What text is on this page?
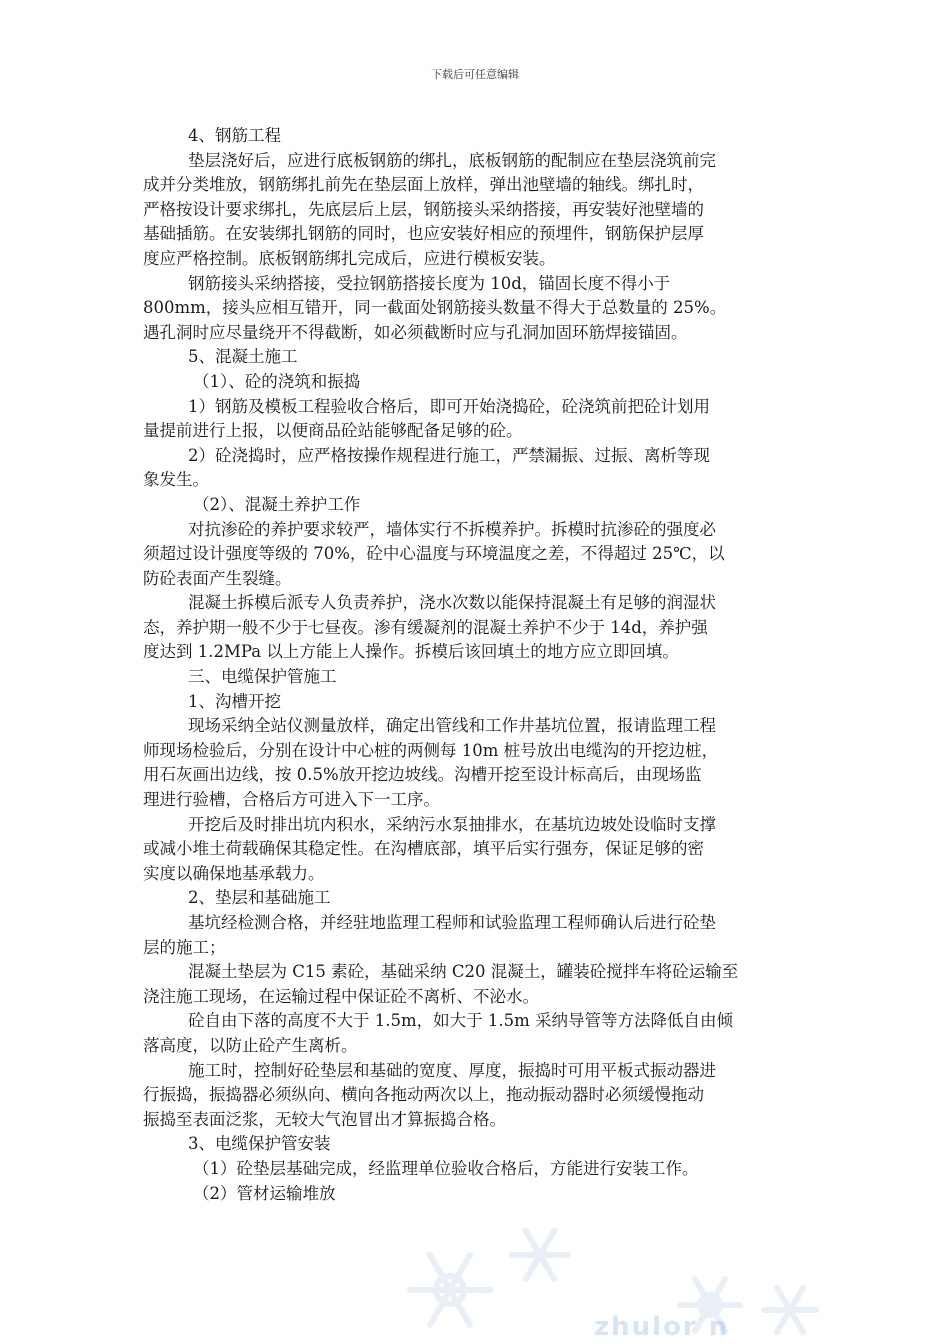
下载后可任意编辑
4、钢筋工程
垫层浇好后，应进行底板钢筋的绑扎，底板钢筋的配制应在垫层浇筑前完
成并分类堆放，钢筋绑扎前先在垫层面上放样，弹出池壁墙的轴线。绑扎时，
严格按设计要求绑扎，先底层后上层，钢筋接头采纳搭接，再安装好池壁墙的
基础插筋。在安装绑扎钢筋的同时，也应安装好相应的预埋件，钢筋保护层厚
度应严格控制。底板钢筋绑扎完成后，应进行模板安装。
钢筋接头采纳搭接，受拉钢筋搭接长度为 10d，锚固长度不得小于
800mm，接头应相互错开，同一截面处钢筋接头数量不得大于总数量的 25%。
遇孔洞时应尽量绕开不得截断，如必须截断时应与孔洞加固环筋焊接锚固。
5、混凝土施工
（1）、砼的浇筑和振捣
1）钢筋及模板工程验收合格后，即可开始浇捣砼，砼浇筑前把砼计划用
量提前进行上报，以便商品砼站能够配备足够的砼。
2）砼浇捣时，应严格按操作规程进行施工，严禁漏振、过振、离析等现
象发生。
（2）、混凝土养护工作
对抗渗砼的养护要求较严，墙体实行不拆模养护。拆模时抗渗砼的强度必
须超过设计强度等级的 70%，砼中心温度与环境温度之差，不得超过 25℃，以
防砼表面产生裂缝。
混凝土拆模后派专人负责养护，浇水次数以能保持混凝土有足够的润湿状
态，养护期一般不少于七昼夜。渗有缓凝剂的混凝土养护不少于 14d，养护强
度达到 1.2MPa 以上方能上人操作。拆模后该回填土的地方应立即回填。
三、电缆保护管施工
1、沟槽开挖
现场采纳全站仪测量放样，确定出管线和工作井基坑位置，报请监理工程
师现场检验后，分别在设计中心桩的两侧每 10m 桩号放出电缆沟的开挖边桩，
用石灰画出边线，按 0.5%放开挖边坡线。沟槽开挖至设计标高后，由现场监
理进行验槽，合格后方可进入下一工序。
开挖后及时排出坑内积水，采纳污水泵抽排水，在基坑边坡处设临时支撑
或减小堆土荷载确保其稳定性。在沟槽底部，填平后实行强夯，保证足够的密
实度以确保地基承载力。
2、垫层和基础施工
基坑经检测合格，并经驻地监理工程师和试验监理工程师确认后进行砼垫
层的施工；
混凝土垫层为 C15 素砼，基础采纳 C20 混凝土，罐装砼搅拌车将砼运输至
浇注施工现场，在运输过程中保证砼不离析、不泌水。
砼自由下落的高度不大于 1.5m，如大于 1.5m 采纳导管等方法降低自由倾
落高度，以防止砼产生离析。
施工时，控制好砼垫层和基础的宽度、厚度，振捣时可用平板式振动器进
行振捣，振捣器必须纵向、横向各拖动两次以上，拖动振动器时必须缓慢拖动
振捣至表面泛浆，无较大气泡冒出才算振捣合格。
3、电缆保护管安装
（1）砼垫层基础完成，经监理单位验收合格后，方能进行安装工作。
（2）管材运输堆放
zhulor n
